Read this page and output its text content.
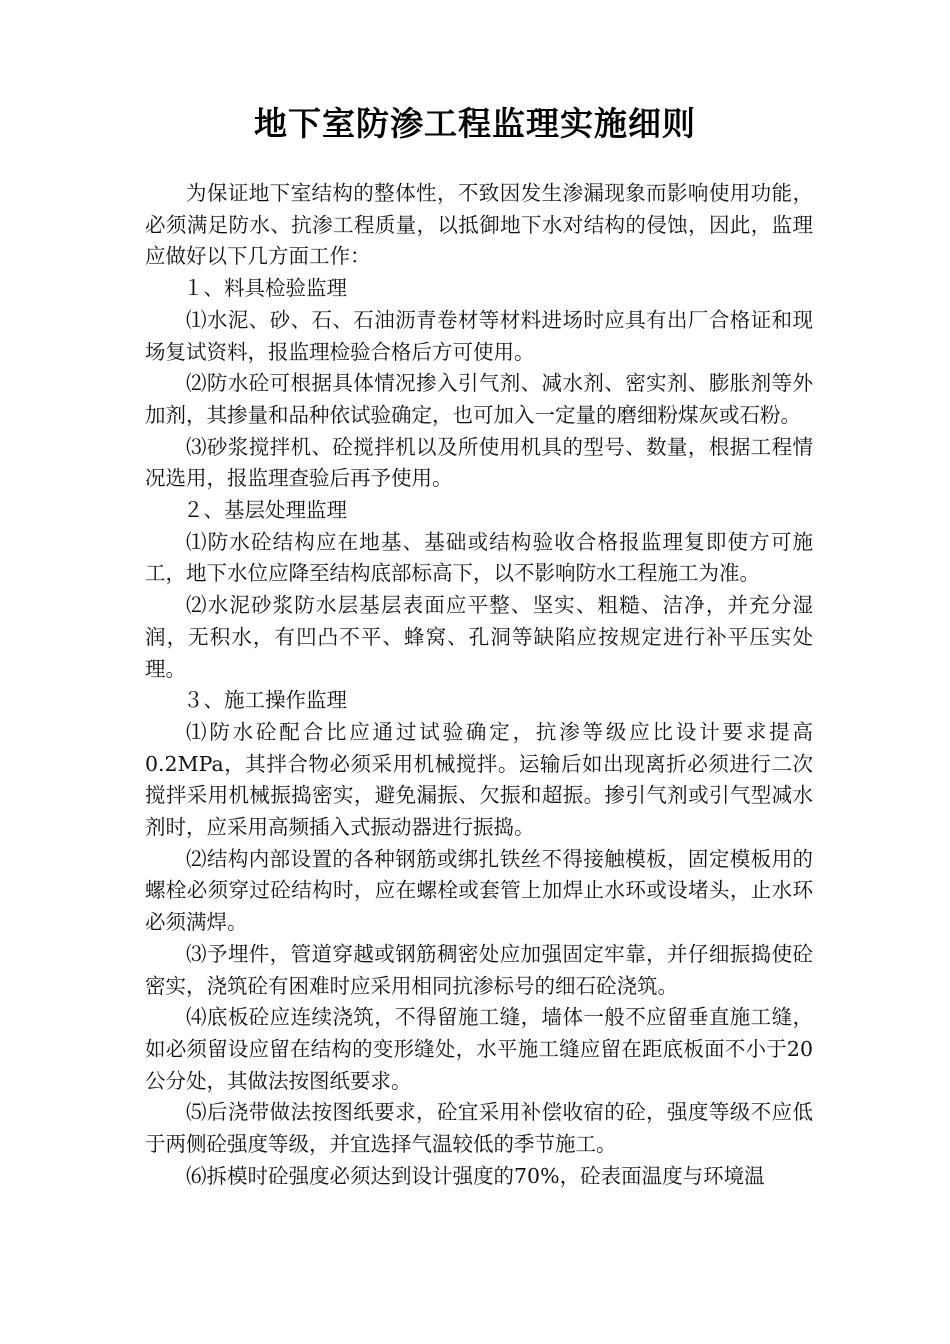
地下室防渗工程监理实施细则

为保证地下室结构的整体性，不致因发生渗漏现象而影响使用功能，必须满足防水、抗渗工程质量，以抵御地下水对结构的侵蚀，因此，监理应做好以下几方面工作：

１、料具检验监理

⑴水泥、砂、石、石油沥青卷材等材料进场时应具有出厂合格证和现场复试资料，报监理检验合格后方可使用。

⑵防水砼可根据具体情况掺入引气剂、减水剂、密实剂、膨胀剂等外加剂，其掺量和品种依试验确定，也可加入一定量的磨细粉煤灰或石粉。

⑶砂浆搅拌机、砼搅拌机以及所使用机具的型号、数量，根据工程情况选用，报监理查验后再予使用。

２、基层处理监理

⑴防水砼结构应在地基、基础或结构验收合格报监理复即使方可施工，地下水位应降至结构底部标高下，以不影响防水工程施工为准。

⑵水泥砂浆防水层基层表面应平整、坚实、粗糙、洁净，并充分湿润，无积水，有凹凸不平、蜂窝、孔洞等缺陷应按规定进行补平压实处理。

３、施工操作监理

⑴防水砼配合比应通过试验确定，抗渗等级应比设计要求提高0.2MPa，其拌合物必须采用机械搅拌。运输后如出现离折必须进行二次搅拌采用机械振捣密实，避免漏振、欠振和超振。掺引气剂或引气型减水剂时，应采用高频插入式振动器进行振捣。

⑵结构内部设置的各种钢筋或绑扎铁丝不得接触模板，固定模板用的螺栓必须穿过砼结构时，应在螺栓或套管上加焊止水环或设堵头，止水环必须满焊。

⑶予埋件，管道穿越或钢筋稠密处应加强固定牢靠，并仔细振捣使砼密实，浇筑砼有困难时应采用相同抗渗标号的细石砼浇筑。

⑷底板砼应连续浇筑，不得留施工缝，墙体一般不应留垂直施工缝，如必须留设应留在结构的变形缝处，水平施工缝应留在距底板面不小于20公分处，其做法按图纸要求。

⑸后浇带做法按图纸要求，砼宜采用补偿收宿的砼，强度等级不应低于两侧砼强度等级，并宜选择气温较低的季节施工。

⑹拆模时砼强度必须达到设计强度的70%，砼表面温度与环境温
